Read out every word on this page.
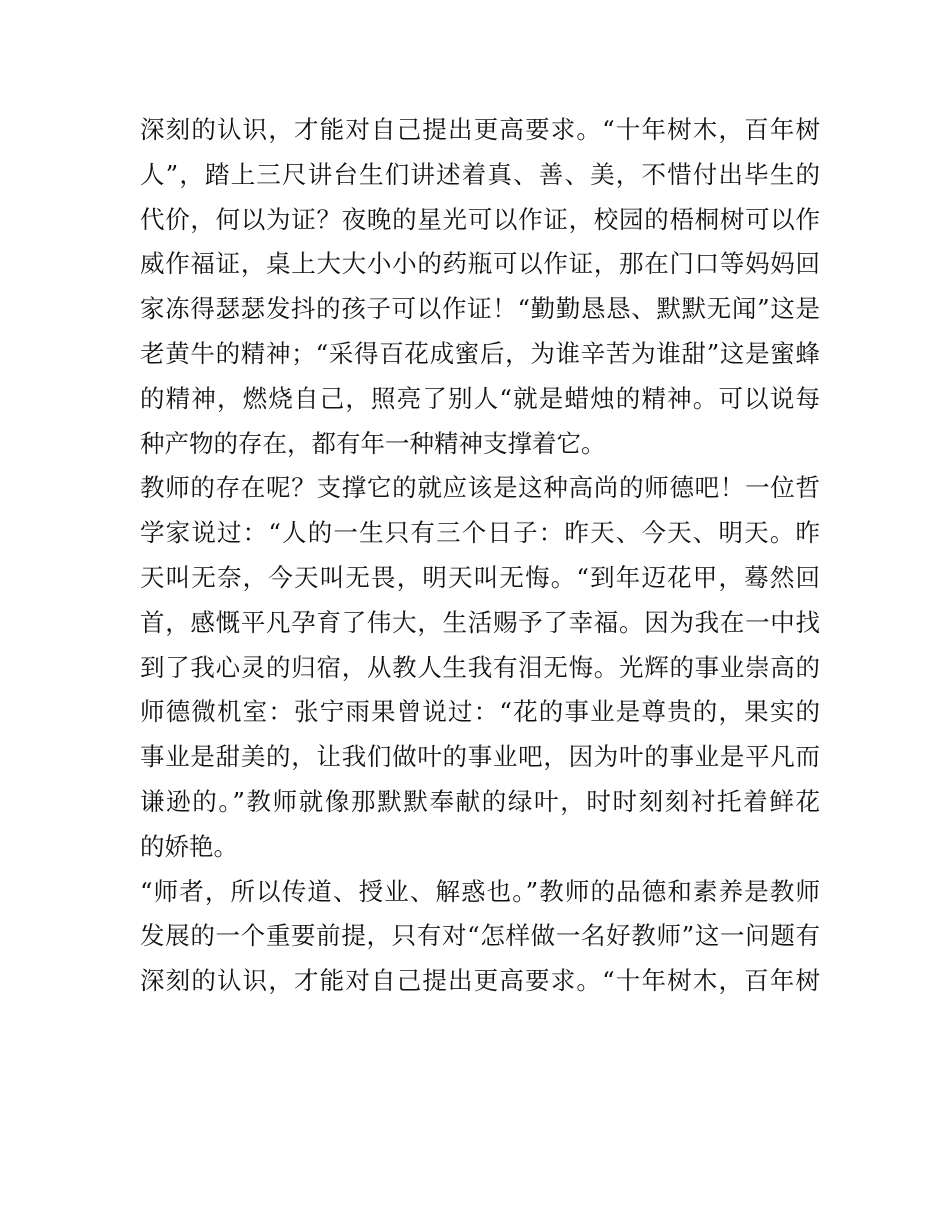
深刻的认识，才能对自己提出更高要求。“十年树木，百年树
人”，踏上三尺讲台生们讲述着真、善、美，不惜付出毕生的
代价，何以为证？夜晚的星光可以作证，校园的梧桐树可以作
威作福证，桌上大大小小的药瓶可以作证，那在门口等妈妈回
家冻得瑟瑟发抖的孩子可以作证！“勤勤恳恳、默默无闻”这是
老黄牛的精神；“采得百花成蜜后，为谁辛苦为谁甜”这是蜜蜂
的精神，燃烧自己，照亮了别人“就是蜡烛的精神。可以说每
种产物的存在，都有年一种精神支撑着它。
教师的存在呢？支撑它的就应该是这种高尚的师德吧！一位哲
学家说过：“人的一生只有三个日子：昨天、今天、明天。昨
天叫无奈，今天叫无畏，明天叫无悔。“到年迈花甲，蓦然回
首，感慨平凡孕育了伟大，生活赐予了幸福。因为我在一中找
到了我心灵的归宿，从教人生我有泪无悔。光辉的事业崇高的
师德微机室：张宁雨果曾说过：“花的事业是尊贵的，果实的
事业是甜美的，让我们做叶的事业吧，因为叶的事业是平凡而
谦逊的。”教师就像那默默奉献的绿叶，时时刻刻衬托着鲜花
的娇艳。
“师者，所以传道、授业、解惑也。”教师的品德和素养是教师
发展的一个重要前提，只有对“怎样做一名好教师”这一问题有
深刻的认识，才能对自己提出更高要求。“十年树木，百年树
